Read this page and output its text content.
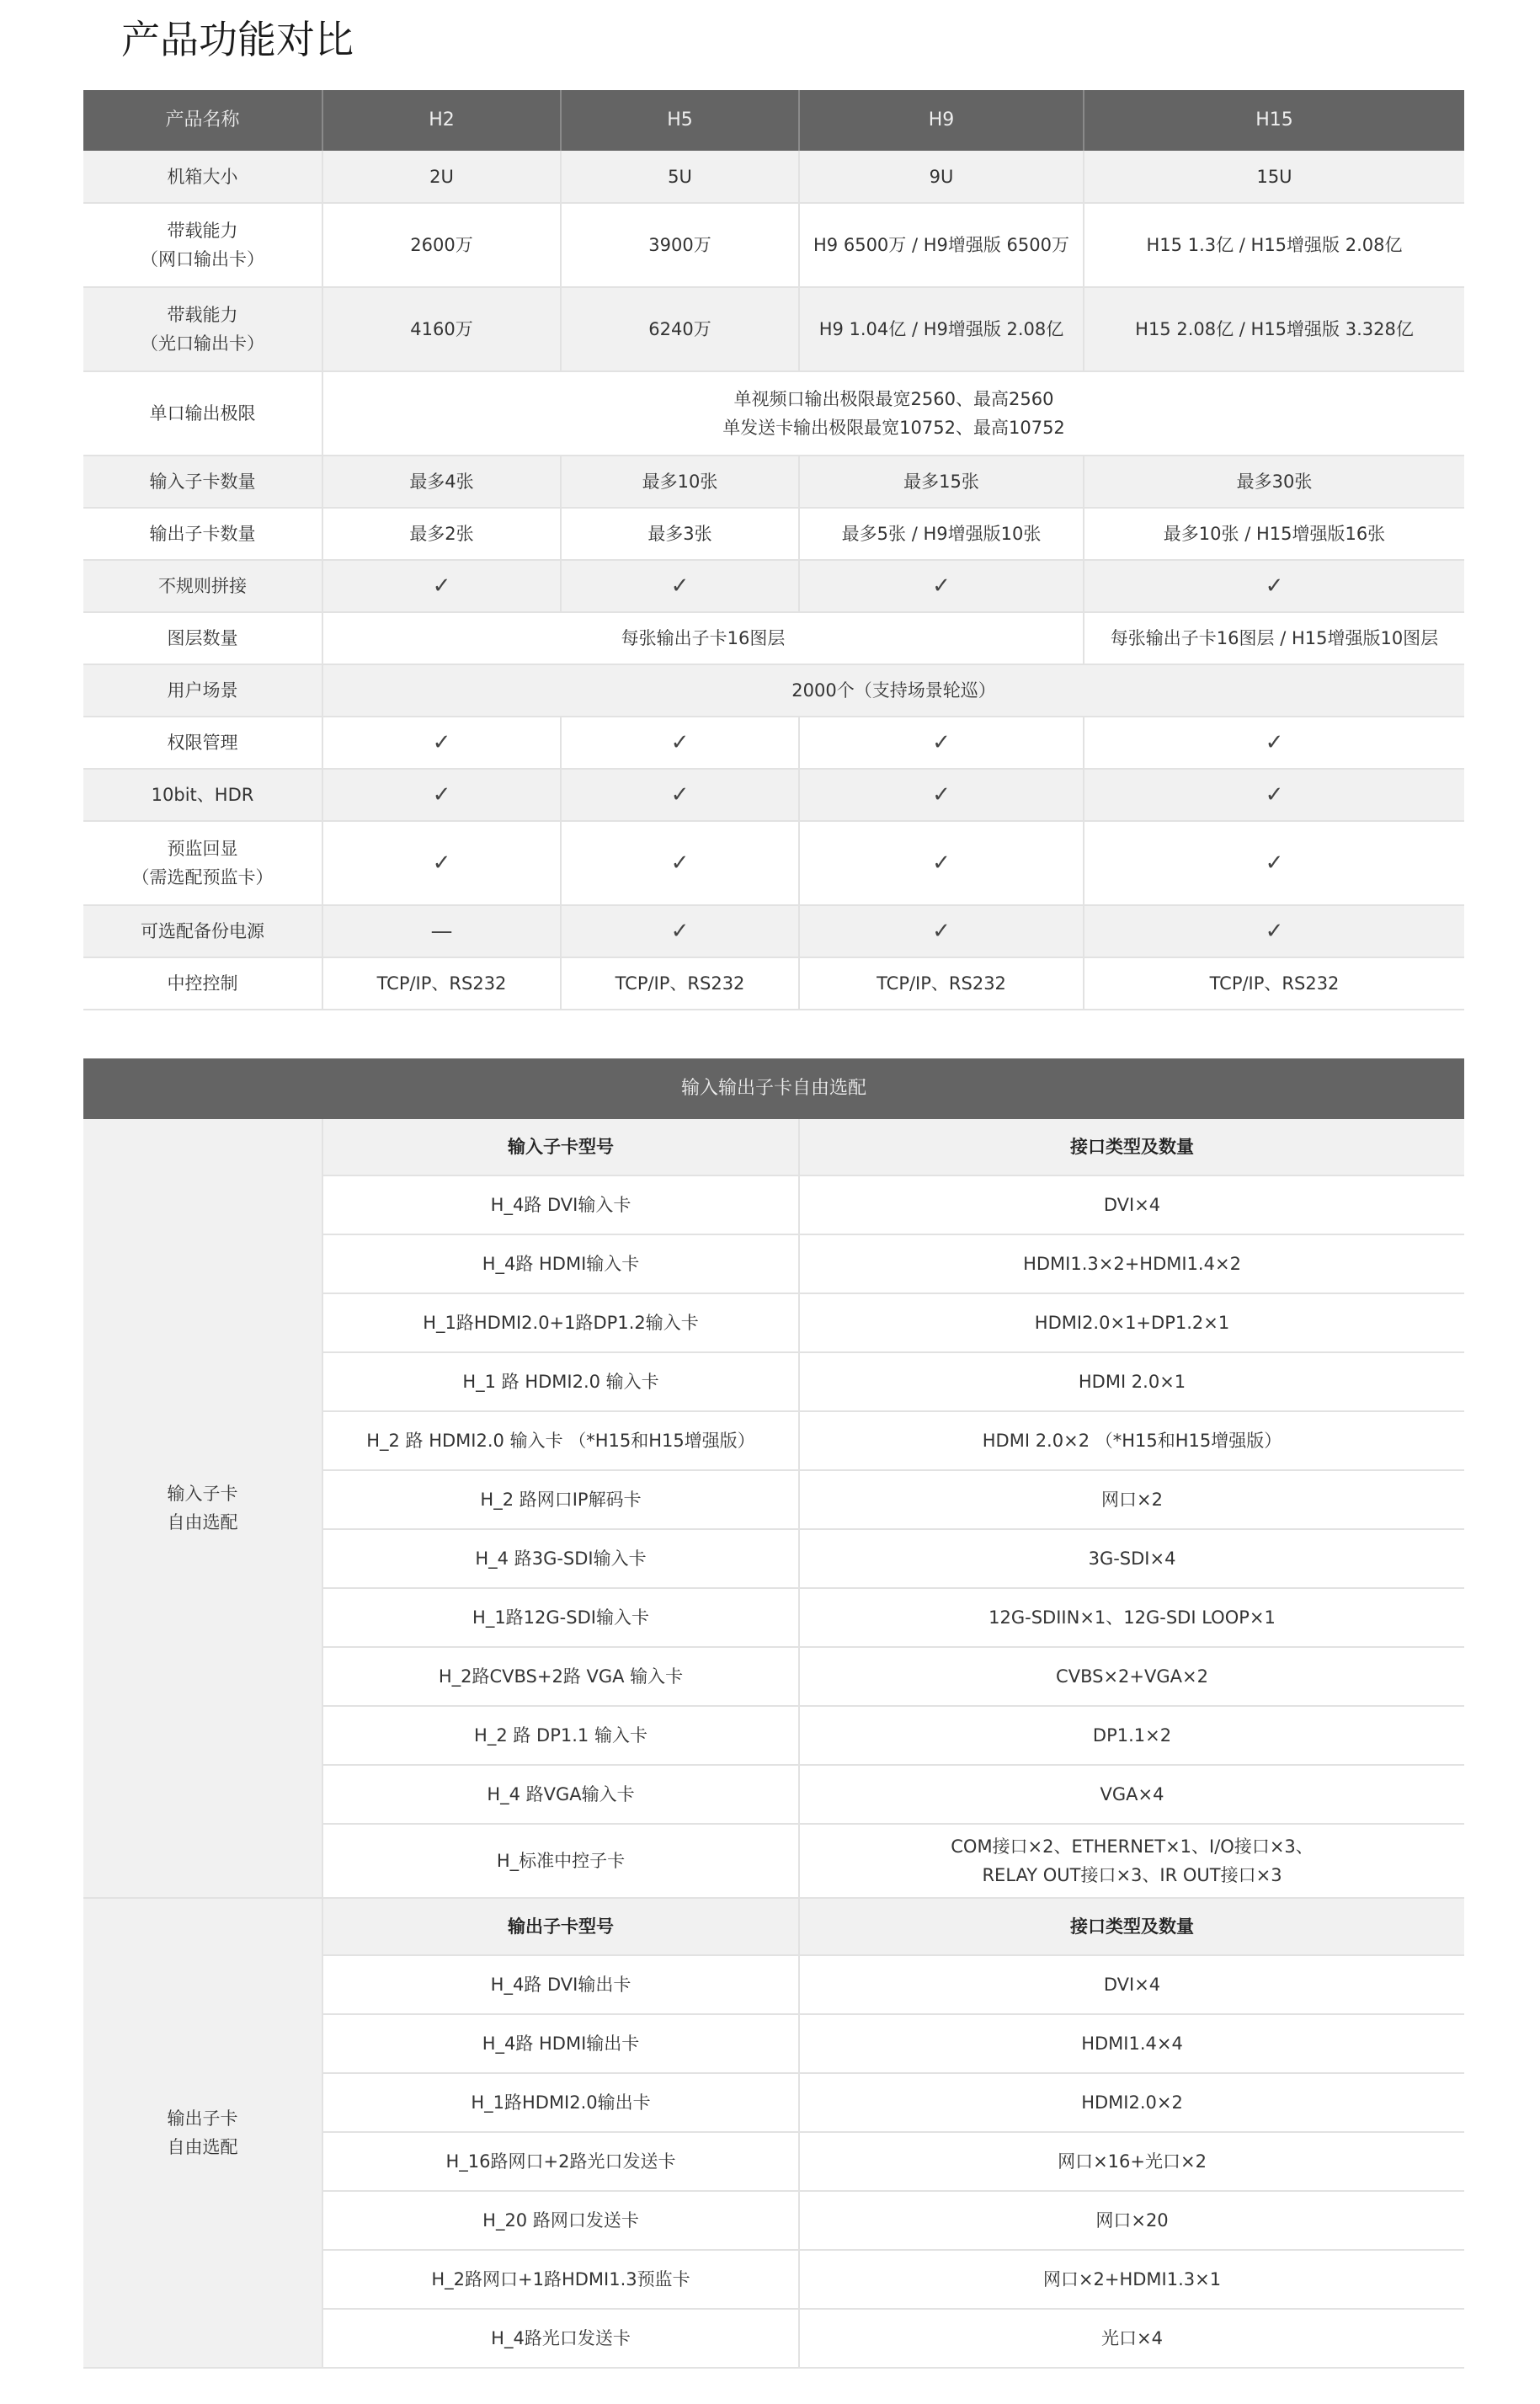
产品功能对比
产品名称	H2	H5	H9	H15
机箱大小	2U	5U	9U	15U
带载能力
（网口输出卡）	2600万	3900万	H9 6500万 / H9增强版 6500万	H15 1.3亿 / H15增强版 2.08亿
带载能力
（光口输出卡）	4160万	6240万	H9 1.04亿 / H9增强版 2.08亿	H15 2.08亿 / H15增强版 3.328亿
单口输出极限	单视频口输出极限最宽2560、最高2560
单发送卡输出极限最宽10752、最高10752			
输入子卡数量	最多4张	最多10张	最多15张	最多30张
输出子卡数量	最多2张	最多3张	最多5张 / H9增强版10张	最多10张 / H15增强版16张
不规则拼接	✓	✓	✓	✓
图层数量	每张输出子卡16图层			每张输出子卡16图层 / H15增强版10图层
用户场景	2000个（支持场景轮巡）			
权限管理	✓	✓	✓	✓
10bit、HDR	✓	✓	✓	✓
预监回显
（需选配预监卡）	✓	✓	✓	✓
可选配备份电源	—	✓	✓	✓
中控控制	TCP/IP、RS232	TCP/IP、RS232	TCP/IP、RS232	TCP/IP、RS232
输入输出子卡自由选配		
输入子卡
自由选配	输入子卡型号	接口类型及数量
	H_4路 DVI输入卡	DVI×4
	H_4路 HDMI输入卡	HDMI1.3×2+HDMI1.4×2
	H_1路HDMI2.0+1路DP1.2输入卡	HDMI2.0×1+DP1.2×1
	H_1 路 HDMI2.0 输入卡	HDMI 2.0×1
	H_2 路 HDMI2.0 输入卡 （*H15和H15增强版）	HDMI 2.0×2 （*H15和H15增强版）
	H_2 路网口IP解码卡	网口×2
	H_4 路3G-SDI输入卡	3G-SDI×4
	H_1路12G-SDI输入卡	12G-SDIIN×1、12G-SDI LOOP×1
	H_2路CVBS+2路 VGA 输入卡	CVBS×2+VGA×2
	H_2 路 DP1.1 输入卡	DP1.1×2
	H_4 路VGA输入卡	VGA×4
	H_标准中控子卡	COM接口×2、ETHERNET×1、I/O接口×3、
RELAY OUT接口×3、IR OUT接口×3
输出子卡
自由选配	输出子卡型号	接口类型及数量
	H_4路 DVI输出卡	DVI×4
	H_4路 HDMI输出卡	HDMI1.4×4
	H_1路HDMI2.0输出卡	HDMI2.0×2
	H_16路网口+2路光口发送卡	网口×16+光口×2
	H_20 路网口发送卡	网口×20
	H_2路网口+1路HDMI1.3预监卡	网口×2+HDMI1.3×1
	H_4路光口发送卡	光口×4
